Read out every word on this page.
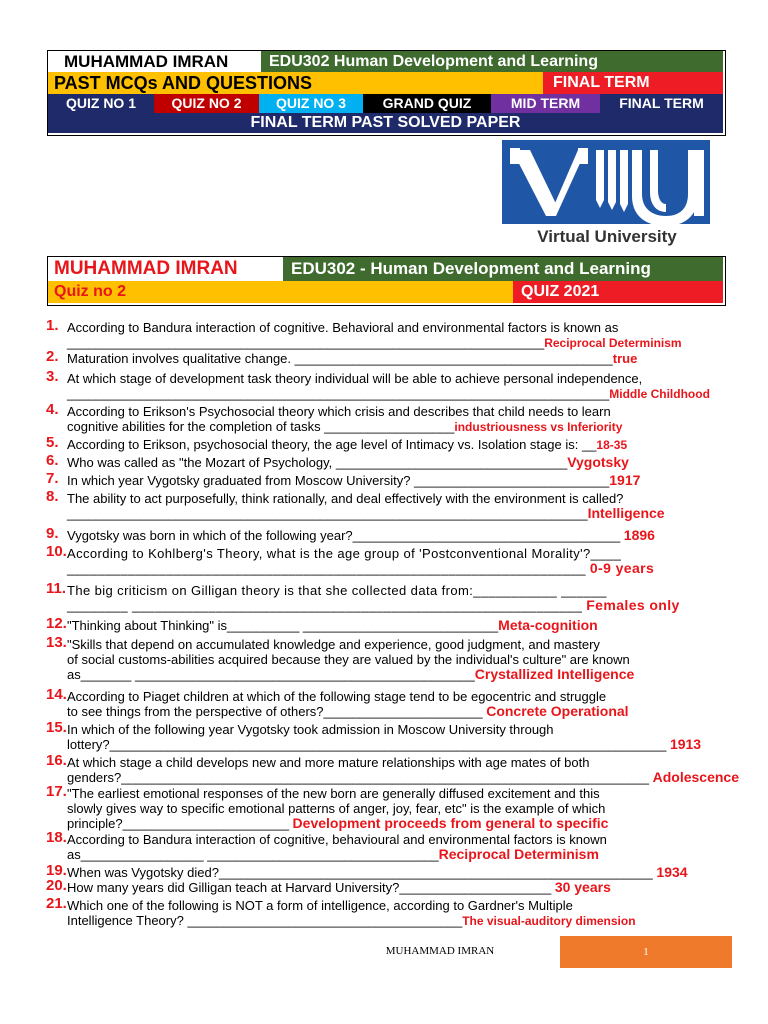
MUHAMMAD IMRAN	EDU302 Human Development and Learning
PAST MCQs AND QUESTIONS	FINAL TERM
QUIZ NO 1	QUIZ NO 2	QUIZ NO 3	GRAND QUIZ	MID TERM	FINAL TERM
FINAL TERM PAST SOLVED PAPER
Virtual University
MUHAMMAD IMRAN	EDU302 - Human Development and Learning
Quiz no 2	QUIZ 2021
1. According to Bandura interaction of cognitive. Behavioral and environmental factors is known as
__________________________________________________________________Reciprocal Determinism
2. Maturation involves qualitative change. ____________________________________________true
3. At which stage of development task theory individual will be able to achieve personal independence,
___________________________________________________________________________Middle Childhood
4. According to Erikson's Psychosocial theory which crisis and describes that child needs to learn
cognitive abilities for the completion of tasks __________________industriousness vs Inferiority
5. According to Erikson, psychosocial theory, the age level of Intimacy vs. Isolation stage is: __18-35
6. Who was called as "the Mozart of Psychology, ________________________________Vygotsky
7. In which year Vygotsky graduated from Moscow University? ___________________________1917
8. The ability to act purposefully, think rationally, and deal effectively with the environment is called?
________________________________________________________________________Intelligence
9. Vygotsky was born in which of the following year?_____________________________________ 1896
10. According to Kohlberg's Theory, what is the age group of 'Postconventional Morality'?____
____________________________________________________________________ 0-9 years
11. The big criticism on Gilligan theory is that she collected data from:___________ ______
________ ___________________________________________________________ Females only
12. "Thinking about Thinking" is__________ ___________________________Meta-cognition
13. "Skills that depend on accumulated knowledge and experience, good judgment, and mastery
of social customs-abilities acquired because they are valued by the individual's culture" are known
as_______ _______________________________________________Crystallized Intelligence
14. According to Piaget children at which of the following stage tend to be egocentric and struggle
to see things from the perspective of others?______________________ Concrete Operational
15. In which of the following year Vygotsky took admission in Moscow University through
lottery?_____________________________________________________________________________ 1913
16. At which stage a child develops new and more mature relationships with age mates of both
genders?_________________________________________________________________________ Adolescence
17. "The earliest emotional responses of the new born are generally diffused excitement and this
slowly gives way to specific emotional patterns of anger, joy, fear, etc" is the example of which
principle?_______________________ Development proceeds from general to specific
18. According to Bandura interaction of cognitive, behavioural and environmental factors is known
as_________________ ________________________________Reciprocal Determinism
19. When was Vygotsky died?____________________________________________________________ 1934
20. How many years did Gilligan teach at Harvard University?_____________________ 30 years
21. Which one of the following is NOT a form of intelligence, according to Gardner's Multiple
Intelligence Theory? ______________________________________The visual-auditory dimension
MUHAMMAD IMRAN	1
